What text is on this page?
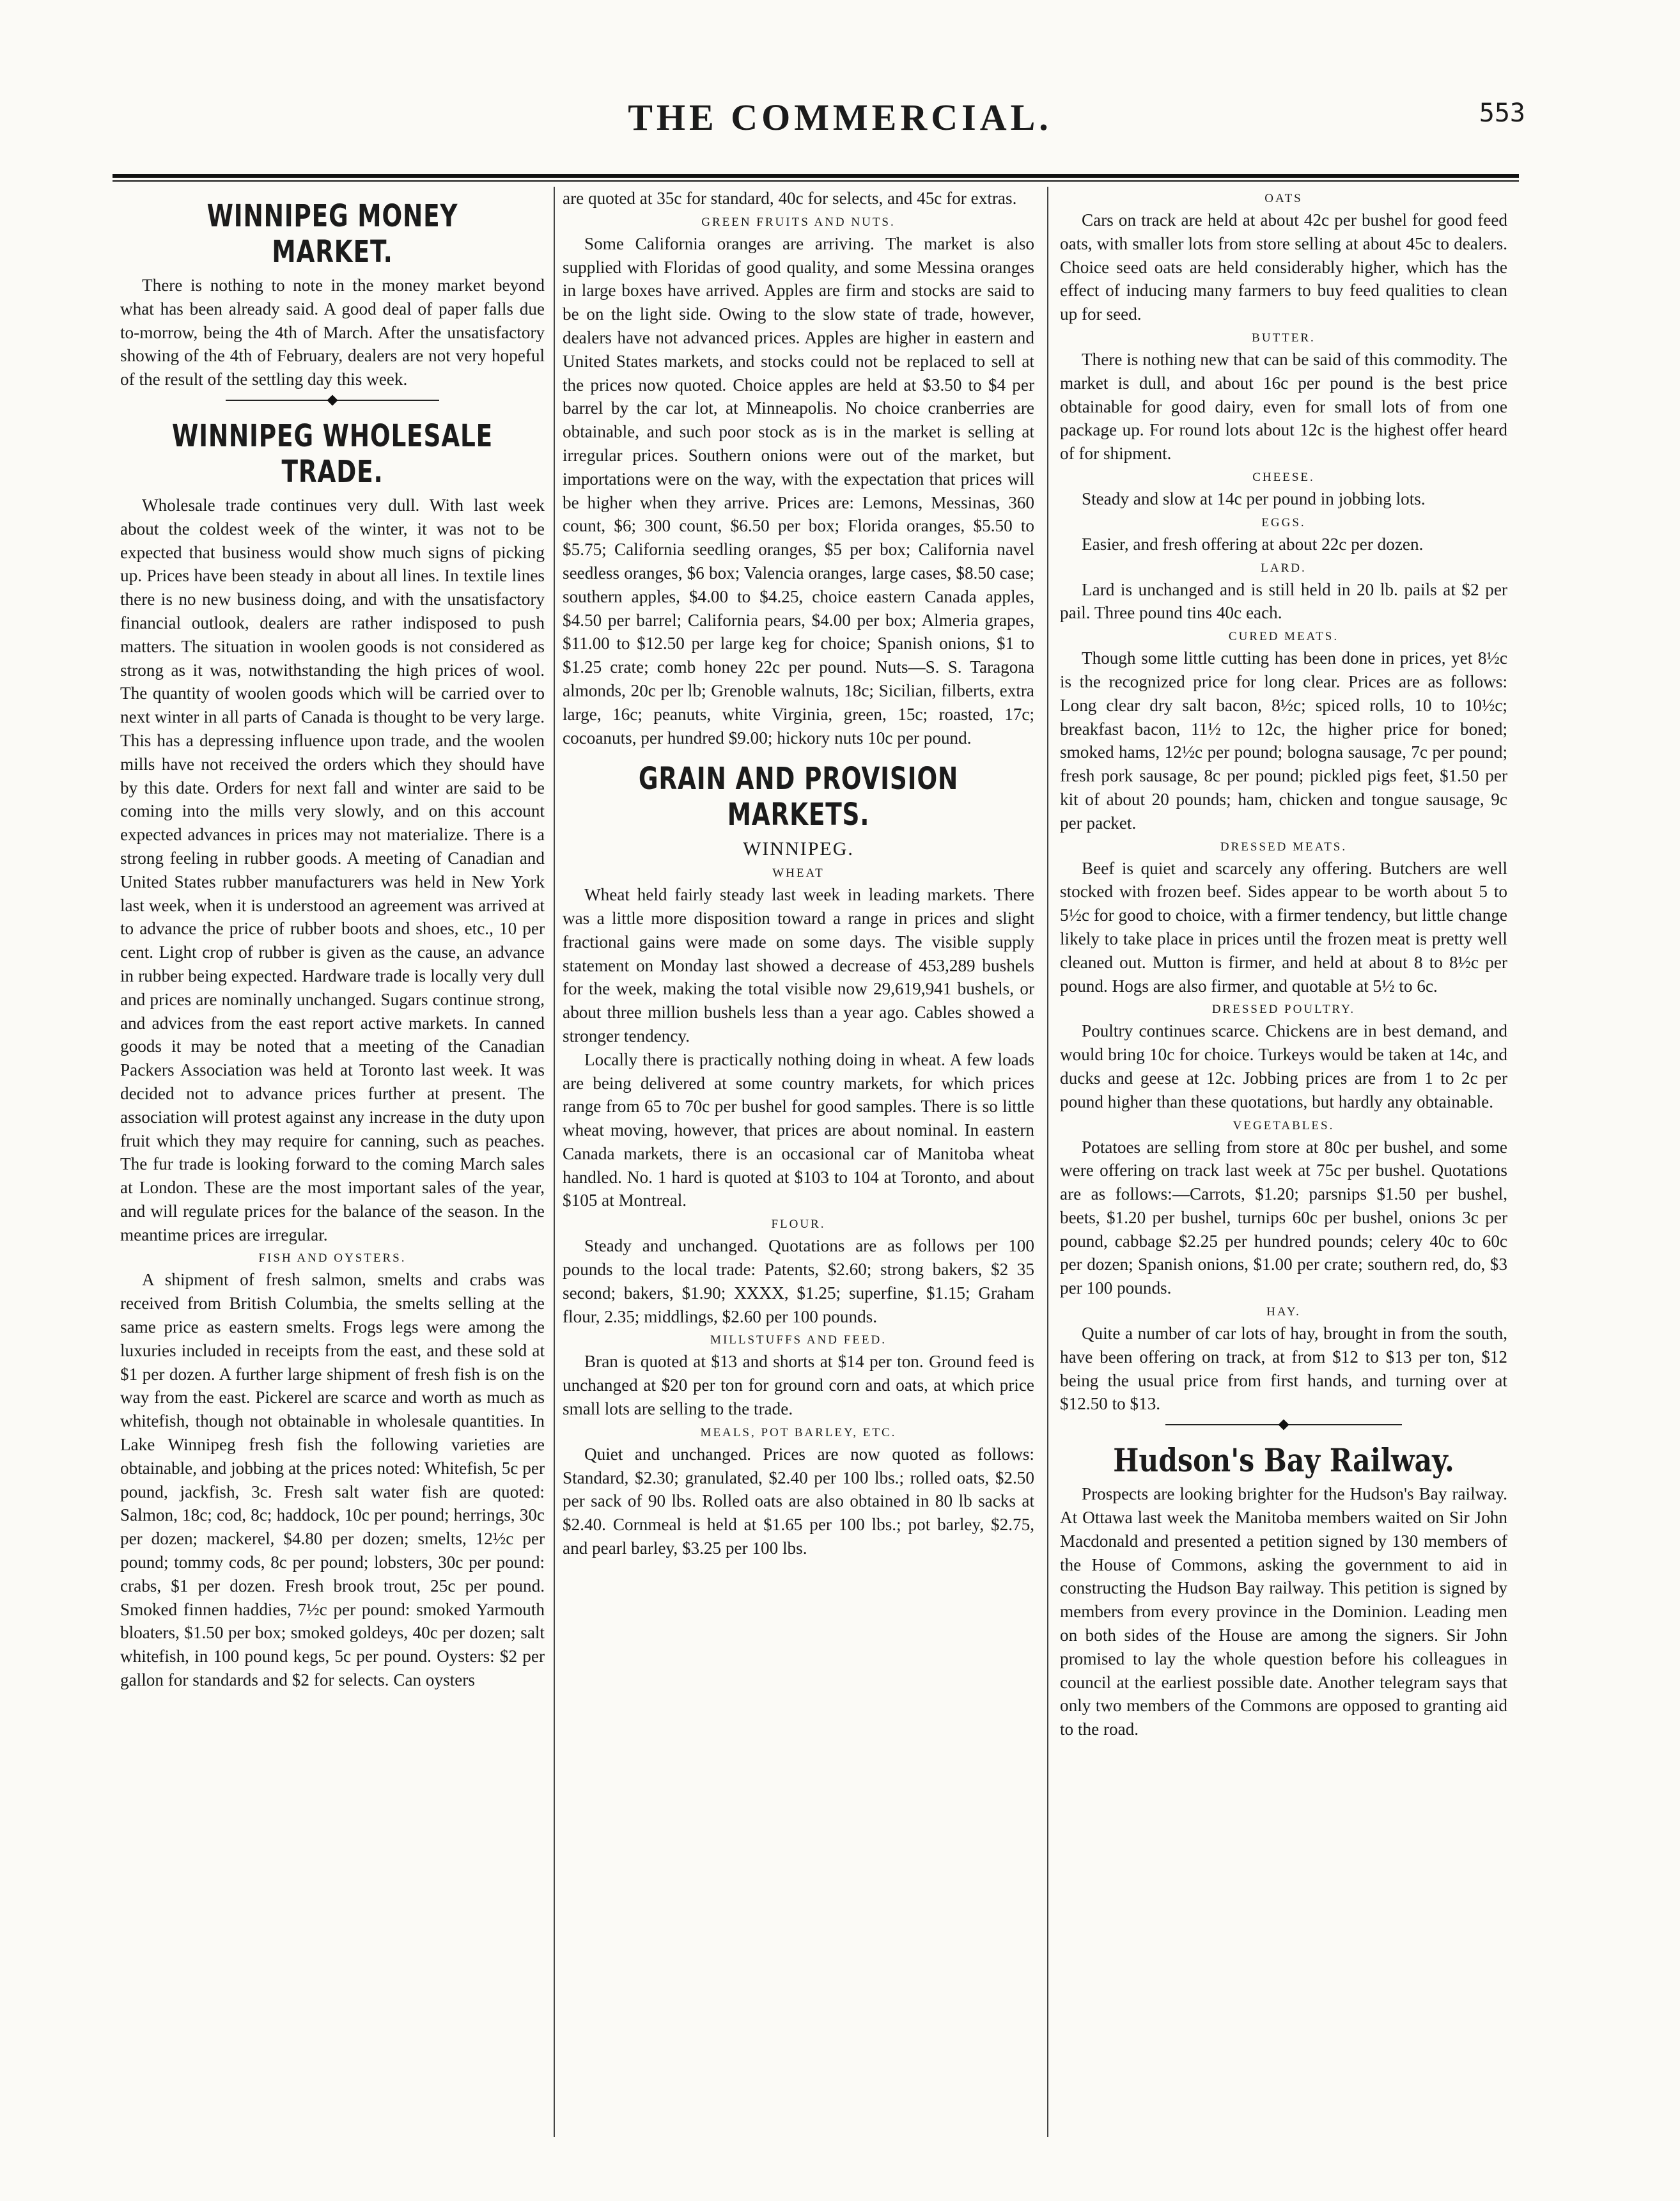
THE COMMERCIAL.	553
WINNIPEG MONEY MARKET.

There is nothing to note in the money market beyond what has been already said. A good deal of paper falls due to-morrow, being the 4th of March. After the unsatisfactory showing of the 4th of February, dealers are not very hopeful of the result of the settling day this week.

WINNIPEG WHOLESALE TRADE.

Wholesale trade continues very dull. With last week about the coldest week of the winter, it was not to be expected that business would show much signs of picking up. Prices have been steady in about all lines. In textile lines there is no new business doing, and with the unsatisfactory financial outlook, dealers are rather indisposed to push matters. The situation in woolen goods is not considered as strong as it was, notwithstanding the high prices of wool. The quantity of woolen goods which will be carried over to next winter in all parts of Canada is thought to be very large. This has a depressing influence upon trade, and the woolen mills have not received the orders which they should have by this date. Orders for next fall and winter are said to be coming into the mills very slowly, and on this account expected advances in prices may not materialize. There is a strong feeling in rubber goods. A meeting of Canadian and United States rubber manufacturers was held in New York last week, when it is understood an agreement was arrived at to advance the price of rubber boots and shoes, etc., 10 per cent. Light crop of rubber is given as the cause, an advance in rubber being expected. Hardware trade is locally very dull and prices are nominally unchanged. Sugars continue strong, and advices from the east report active markets. In canned goods it may be noted that a meeting of the Canadian Packers Association was held at Toronto last week. It was decided not to advance prices further at present. The association will protest against any increase in the duty upon fruit which they may require for canning, such as peaches. The fur trade is looking forward to the coming March sales at London. These are the most important sales of the year, and will regulate prices for the balance of the season. In the meantime prices are irregular.

FISH AND OYSTERS.

A shipment of fresh salmon, smelts and crabs was received from British Columbia, the smelts selling at the same price as eastern smelts. Frogs legs were among the luxuries included in receipts from the east, and these sold at $1 per dozen. A further large shipment of fresh fish is on the way from the east. Pickerel are scarce and worth as much as whitefish, though not obtainable in wholesale quantities. In Lake Winnipeg fresh fish the following varieties are obtainable, and jobbing at the prices noted: Whitefish, 5c per pound, jackfish, 3c. Fresh salt water fish are quoted: Salmon, 18c; cod, 8c; haddock, 10c per pound; herrings, 30c per dozen; mackerel, $4.80 per dozen; smelts, 12½c per pound; tommy cods, 8c per pound; lobsters, 30c per pound: crabs, $1 per dozen. Fresh brook trout, 25c per pound. Smoked finnen haddies, 7½c per pound: smoked Yarmouth bloaters, $1.50 per box; smoked goldeys, 40c per dozen; salt whitefish, in 100 pound kegs, 5c per pound. Oysters: $2 per gallon for standards and $2 for selects. Can oysters

are quoted at 35c for standard, 40c for selects, and 45c for extras.

GREEN FRUITS AND NUTS.

Some California oranges are arriving. The market is also supplied with Floridas of good quality, and some Messina oranges in large boxes have arrived. Apples are firm and stocks are said to be on the light side. Owing to the slow state of trade, however, dealers have not advanced prices. Apples are higher in eastern and United States markets, and stocks could not be replaced to sell at the prices now quoted. Choice apples are held at $3.50 to $4 per barrel by the car lot, at Minneapolis. No choice cranberries are obtainable, and such poor stock as is in the market is selling at irregular prices. Southern onions were out of the market, but importations were on the way, with the expectation that prices will be higher when they arrive. Prices are: Lemons, Messinas, 360 count, $6; 300 count, $6.50 per box; Florida oranges, $5.50 to $5.75; California seedling oranges, $5 per box; California navel seedless oranges, $6 box; Valencia oranges, large cases, $8.50 case; southern apples, $4.00 to $4.25, choice eastern Canada apples, $4.50 per barrel; California pears, $4.00 per box; Almeria grapes, $11.00 to $12.50 per large keg for choice; Spanish onions, $1 to $1.25 crate; comb honey 22c per pound. Nuts—S. S. Taragona almonds, 20c per lb; Grenoble walnuts, 18c; Sicilian, filberts, extra large, 16c; peanuts, white Virginia, green, 15c; roasted, 17c; cocoanuts, per hundred $9.00; hickory nuts 10c per pound.

GRAIN AND PROVISION MARKETS.
WINNIPEG.
WHEAT

Wheat held fairly steady last week in leading markets. There was a little more disposition toward a range in prices and slight fractional gains were made on some days. The visible supply statement on Monday last showed a decrease of 453,289 bushels for the week, making the total visible now 29,619,941 bushels, or about three million bushels less than a year ago. Cables showed a stronger tendency.

Locally there is practically nothing doing in wheat. A few loads are being delivered at some country markets, for which prices range from 65 to 70c per bushel for good samples. There is so little wheat moving, however, that prices are about nominal. In eastern Canada markets, there is an occasional car of Manitoba wheat handled. No. 1 hard is quoted at $103 to 104 at Toronto, and about $105 at Montreal.

FLOUR.

Steady and unchanged. Quotations are as follows per 100 pounds to the local trade: Patents, $2.60; strong bakers, $2 35 second; bakers, $1.90; XXXX, $1.25; superfine, $1.15; Graham flour, 2.35; middlings, $2.60 per 100 pounds.

MILLSTUFFS AND FEED.

Bran is quoted at $13 and shorts at $14 per ton. Ground feed is unchanged at $20 per ton for ground corn and oats, at which price small lots are selling to the trade.

MEALS, POT BARLEY, ETC.

Quiet and unchanged. Prices are now quoted as follows: Standard, $2.30; granulated, $2.40 per 100 lbs.; rolled oats, $2.50 per sack of 90 lbs. Rolled oats are also obtained in 80 lb sacks at $2.40. Cornmeal is held at $1.65 per 100 lbs.; pot barley, $2.75, and pearl barley, $3.25 per 100 lbs.

OATS

Cars on track are held at about 42c per bushel for good feed oats, with smaller lots from store selling at about 45c to dealers. Choice seed oats are held considerably higher, which has the effect of inducing many farmers to buy feed qualities to clean up for seed.

BUTTER.

There is nothing new that can be said of this commodity. The market is dull, and about 16c per pound is the best price obtainable for good dairy, even for small lots of from one package up. For round lots about 12c is the highest offer heard of for shipment.

CHEESE.

Steady and slow at 14c per pound in jobbing lots.

EGGS.

Easier, and fresh offering at about 22c per dozen.

LARD.

Lard is unchanged and is still held in 20 lb. pails at $2 per pail. Three pound tins 40c each.

CURED MEATS.

Though some little cutting has been done in prices, yet 8½c is the recognized price for long clear. Prices are as follows: Long clear dry salt bacon, 8½c; spiced rolls, 10 to 10½c; breakfast bacon, 11½ to 12c, the higher price for boned; smoked hams, 12½c per pound; bologna sausage, 7c per pound; fresh pork sausage, 8c per pound; pickled pigs feet, $1.50 per kit of about 20 pounds; ham, chicken and tongue sausage, 9c per packet.

DRESSED MEATS.

Beef is quiet and scarcely any offering. Butchers are well stocked with frozen beef. Sides appear to be worth about 5 to 5½c for good to choice, with a firmer tendency, but little change likely to take place in prices until the frozen meat is pretty well cleaned out. Mutton is firmer, and held at about 8 to 8½c per pound. Hogs are also firmer, and quotable at 5½ to 6c.

DRESSED POULTRY.

Poultry continues scarce. Chickens are in best demand, and would bring 10c for choice. Turkeys would be taken at 14c, and ducks and geese at 12c. Jobbing prices are from 1 to 2c per pound higher than these quotations, but hardly any obtainable.

VEGETABLES.

Potatoes are selling from store at 80c per bushel, and some were offering on track last week at 75c per bushel. Quotations are as follows:—Carrots, $1.20; parsnips $1.50 per bushel, beets, $1.20 per bushel, turnips 60c per bushel, onions 3c per pound, cabbage $2.25 per hundred pounds; celery 40c to 60c per dozen; Spanish onions, $1.00 per crate; southern red, do, $3 per 100 pounds.

HAY.

Quite a number of car lots of hay, brought in from the south, have been offering on track, at from $12 to $13 per ton, $12 being the usual price from first hands, and turning over at $12.50 to $13.

Hudson's Bay Railway.

Prospects are looking brighter for the Hudson's Bay railway. At Ottawa last week the Manitoba members waited on Sir John Macdonald and presented a petition signed by 130 members of the House of Commons, asking the government to aid in constructing the Hudson Bay railway. This petition is signed by members from every province in the Dominion. Leading men on both sides of the House are among the signers. Sir John promised to lay the whole question before his colleagues in council at the earliest possible date. Another telegram says that only two members of the Commons are opposed to granting aid to the road.
